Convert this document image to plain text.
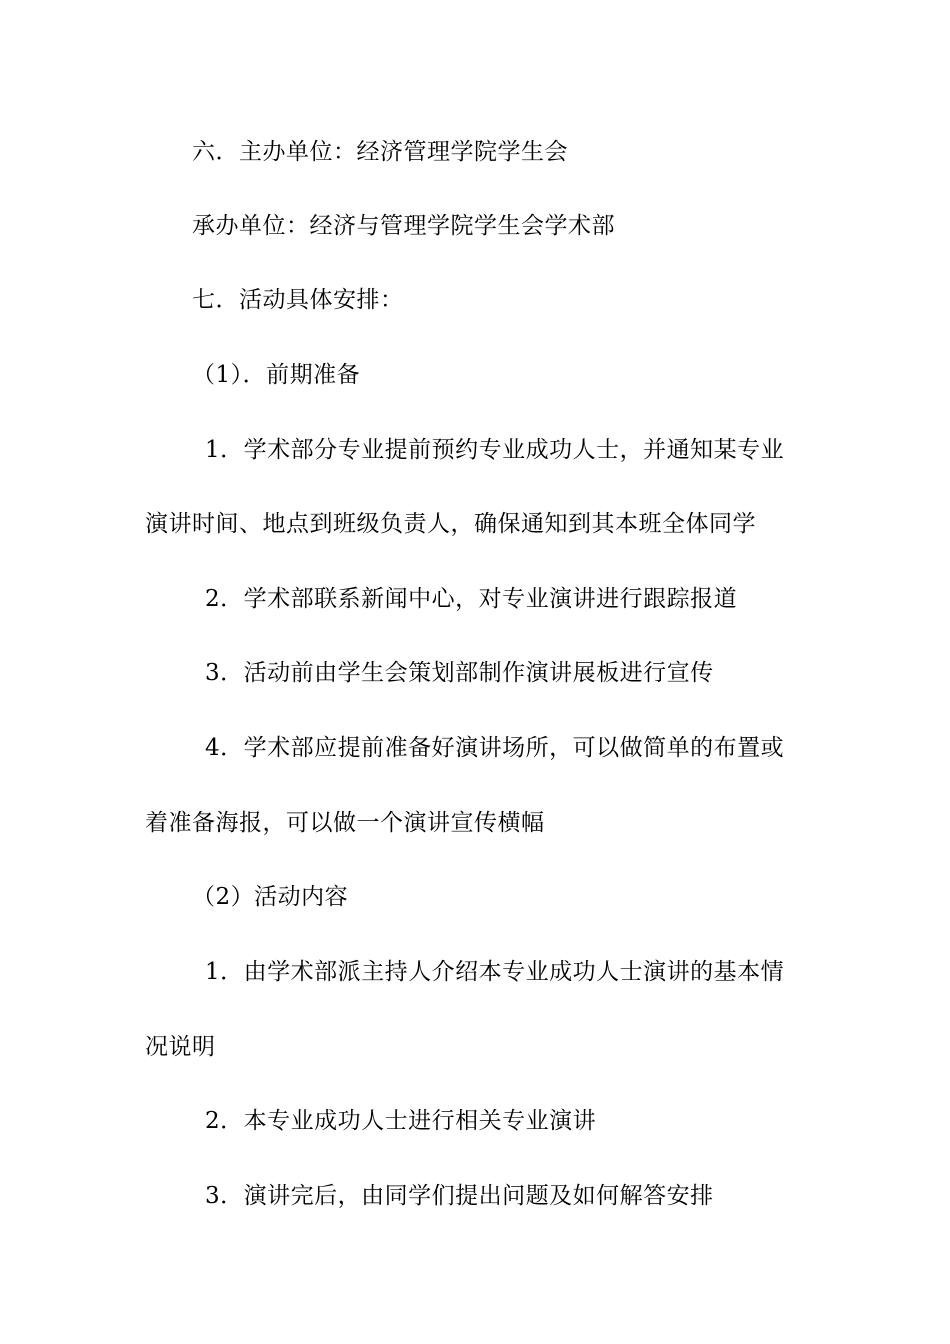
六．主办单位：经济管理学院学生会
承办单位：经济与管理学院学生会学术部
七．活动具体安排：
（1）．前期准备
1．学术部分专业提前预约专业成功人士，并通知某专业
演讲时间、地点到班级负责人，确保通知到其本班全体同学
2．学术部联系新闻中心，对专业演讲进行跟踪报道
3．活动前由学生会策划部制作演讲展板进行宣传
4．学术部应提前准备好演讲场所，可以做简单的布置或
着准备海报，可以做一个演讲宣传横幅
（2）活动内容
1．由学术部派主持人介绍本专业成功人士演讲的基本情
况说明
2．本专业成功人士进行相关专业演讲
3．演讲完后，由同学们提出问题及如何解答安排
